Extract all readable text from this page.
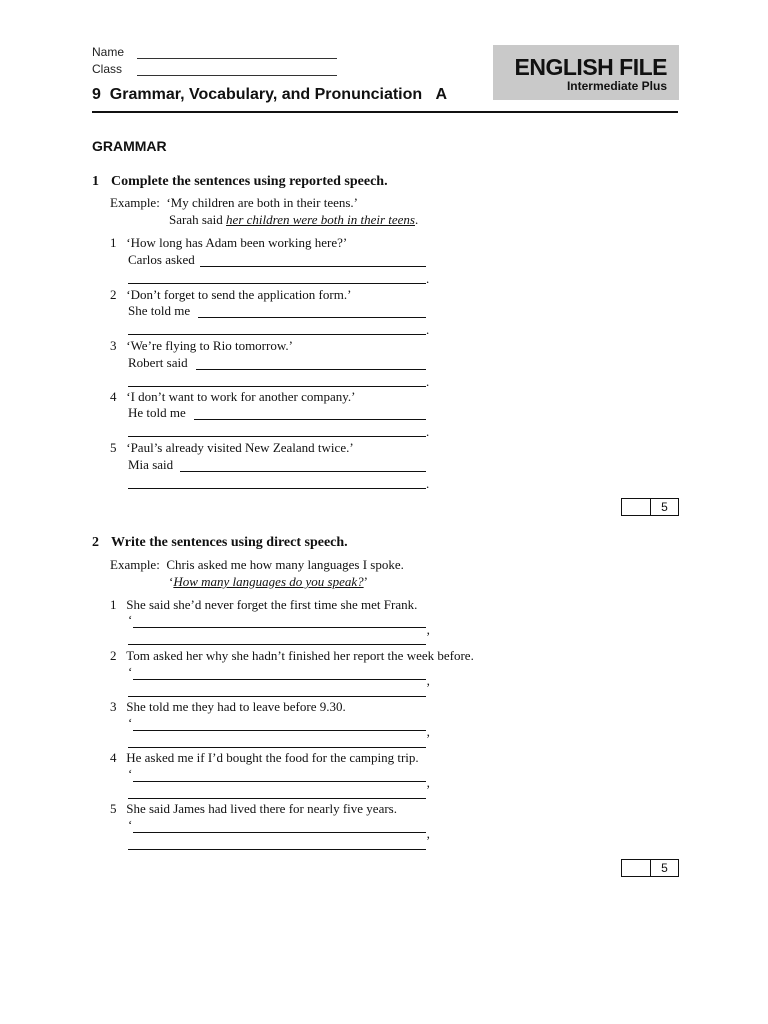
Name
Class	ENGLISH FILE
Intermediate Plus
9 Grammar, Vocabulary, and Pronunciation A
GRAMMAR
1 Complete the sentences using reported speech.
Example: ‘My children are both in their teens.’
Sarah said her children were both in their teens.
1 ‘How long has Adam been working here?’
Carlos asked
.
2 ‘Don’t forget to send the application form.’
She told me
.
3 ‘We’re flying to Rio tomorrow.’
Robert said
.
4 ‘I don’t want to work for another company.’
He told me
.
5 ‘Paul’s already visited New Zealand twice.’
Mia said
.
5
2 Write the sentences using direct speech.
Example: Chris asked me how many languages I spoke.
‘How many languages do you speak?’
1 She said she’d never forget the first time she met Frank.
‘
’
2 Tom asked her why she hadn’t finished her report the week before.
‘
’
3 She told me they had to leave before 9.30.
‘
’
4 He asked me if I’d bought the food for the camping trip.
‘
’
5 She said James had lived there for nearly five years.
‘
’
5
